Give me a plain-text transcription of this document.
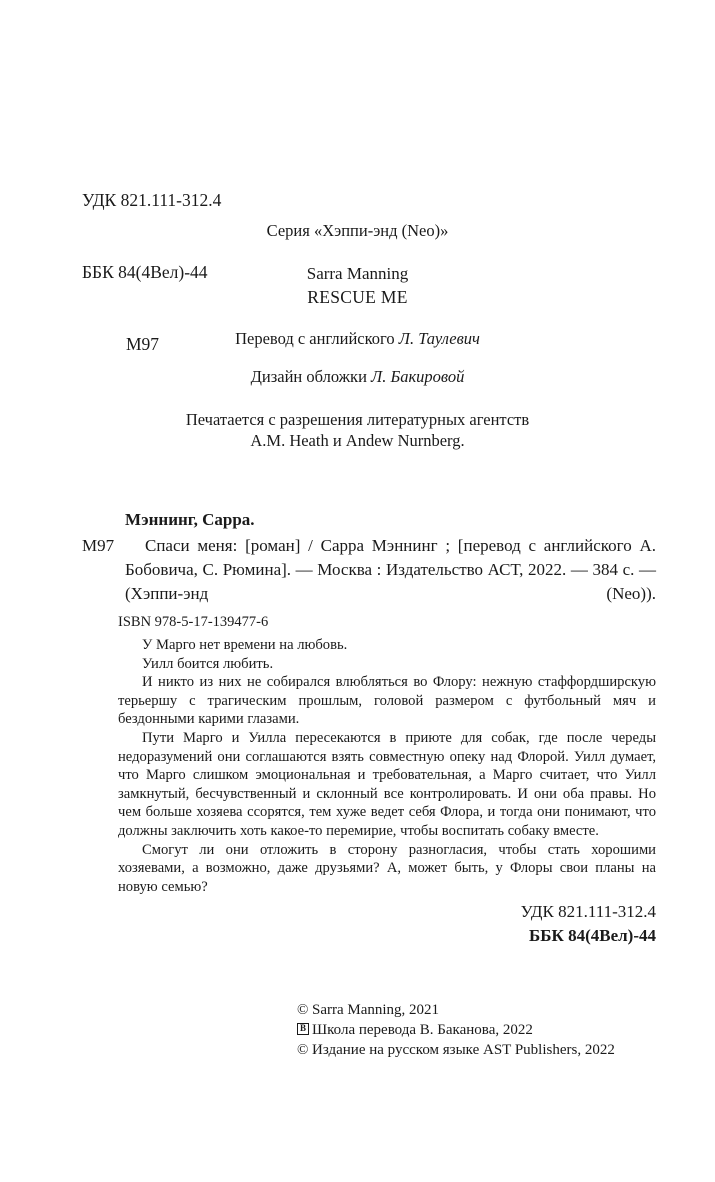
УДК 821.111-312.4

ББК 84(4Вел)-44

М97

Серия «Хэппи-энд (Neo)»
Sarra Manning
RESCUE ME
Перевод с английского Л. Таулевич
Дизайн обложки Л. Бакировой
Печатается с разрешения литературных агентств
A.M. Heath и Andew Nurnberg.
Мэннинг, Сарра.
М97 Спаси меня: [роман] / Сарра Мэннинг ; [перевод с английского А. Бобовича, С. Рюмина]. — Москва : Издательство АСТ, 2022. — 384 с. — (Хэппи-энд (Neo)).
ISBN 978-5-17-139477-6

У Марго нет времени на любовь.

Уилл боится любить.

И никто из них не собирался влюбляться во Флору: нежную стаффордширскую терьершу с трагическим прошлым, головой размером с футбольный мяч и бездонными карими глазами.

Пути Марго и Уилла пересекаются в приюте для собак, где после череды недоразумений они соглашаются взять совместную опеку над Флорой. Уилл думает, что Марго слишком эмоциональная и требовательная, а Марго считает, что Уилл замкнутый, бесчувственный и склонный все контролировать. И они оба правы. Но чем больше хозяева ссорятся, тем хуже ведет себя Флора, и тогда они понимают, что должны заключить хоть какое-то перемирие, чтобы воспитать собаку вместе.

Смогут ли они отложить в сторону разногласия, чтобы стать хорошими хозяевами, а возможно, даже друзьями? А, может быть, у Флоры свои планы на новую семью?

УДК 821.111-312.4
ББК 84(4Вел)-44
© Sarra Manning, 2021
BШкола перевода В. Баканова, 2022
© Издание на русском языке AST Publishers, 2022
